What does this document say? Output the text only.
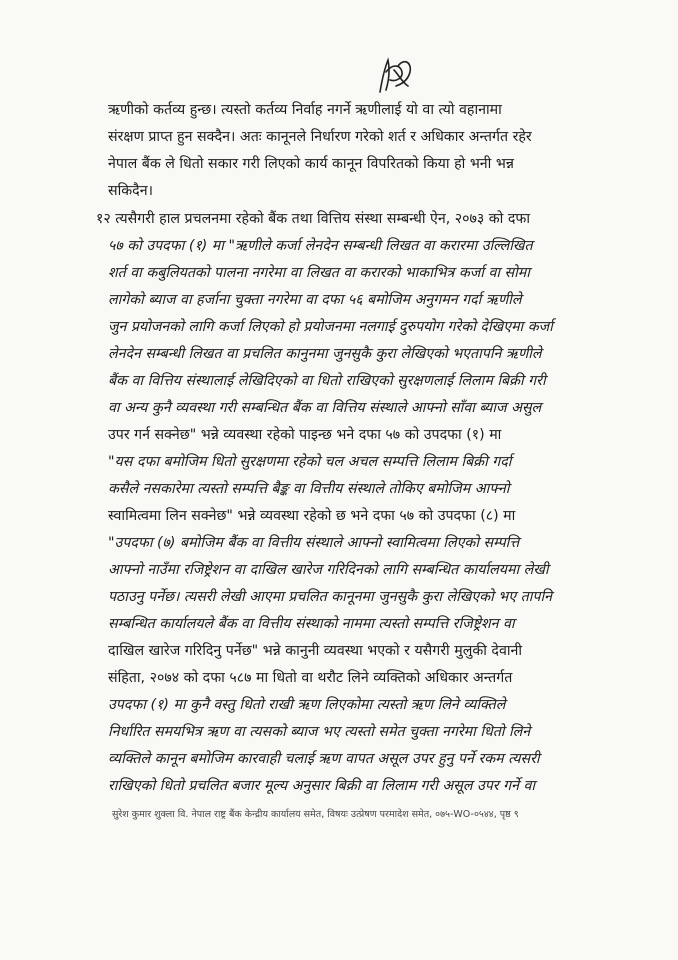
ऋणीको कर्तव्य हुन्छ। त्यस्तो कर्तव्य निर्वाह नगर्ने ऋणीलाई यो वा त्यो वहानामा
संरक्षण प्राप्त हुन सक्दैन। अतः कानूनले निर्धारण गरेको शर्त र अधिकार अन्तर्गत रहेर
नेपाल बैंक ले धितो सकार गरी लिएको कार्य कानून विपरितको किया हो भनी भन्न
सकिदैन।
१२ त्यसैगरी हाल प्रचलनमा रहेको बैंक तथा वित्तिय संस्था सम्बन्धी ऐन, २०७३ को दफा
५७ को उपदफा (१) मा "ऋणीले कर्जा लेनदेन सम्बन्धी लिखत वा करारमा उल्लिखित
शर्त वा कबुलियतको पालना नगरेमा वा लिखत वा करारको भाकाभित्र कर्जा वा सोमा
लागेको ब्याज वा हर्जाना चुक्ता नगरेमा वा दफा ५६ बमोजिम अनुगमन गर्दा ऋणीले
जुन प्रयोजनको लागि कर्जा लिएको हो प्रयोजनमा नलगाई दुरुपयोग गरेको देखिएमा कर्जा
लेनदेन सम्बन्धी लिखत वा प्रचलित कानुनमा जुनसुकै कुरा लेखिएको भएतापनि ऋणीले
बैंक वा वित्तिय संस्थालाई लेखिदिएको वा धितो राखिएको सुरक्षणलाई लिलाम बिक्री गरी
वा अन्य कुनै व्यवस्था गरी सम्बन्धित बैंक वा वित्तिय संस्थाले आफ्नो साँवा ब्याज असुल
उपर गर्न सक्नेछ" भन्ने व्यवस्था रहेको पाइन्छ भने दफा ५७ को उपदफा (१) मा
"यस दफा बमोजिम धितो सुरक्षणमा रहेको चल अचल सम्पत्ति लिलाम बिक्री गर्दा
कसैले नसकारेमा त्यस्तो सम्पत्ति बैङ्क वा वित्तीय संस्थाले तोकिए बमोजिम आफ्नो
स्वामित्वमा लिन सक्नेछ" भन्ने व्यवस्था रहेको छ भने दफा ५७ को उपदफा (८) मा
"उपदफा (७) बमोजिम बैंक वा वित्तीय संस्थाले आफ्नो स्वामित्वमा लिएको सम्पत्ति
आफ्नो नाउँमा रजिष्ट्रेशन वा दाखिल खारेज गरिदिनको लागि सम्बन्धित कार्यालयमा लेखी
पठाउनु पर्नेछ। त्यसरी लेखी आएमा प्रचलित कानूनमा जुनसुकै कुरा लेखिएको भए तापनि
सम्बन्धित कार्यालयले बैंक वा वित्तीय संस्थाको नाममा त्यस्तो सम्पत्ति रजिष्ट्रेशन वा
दाखिल खारेज गरिदिनु पर्नेछ" भन्ने कानुनी व्यवस्था भएको र यसैगरी मुलुकी देवानी
संहिता, २०७४ को दफा ५८७ मा धितो वा थरौट लिने व्यक्तिको अधिकार अन्तर्गत
उपदफा (१) मा कुनै वस्तु धितो राखी ऋण लिएकोमा त्यस्तो ऋण लिने व्यक्तिले
निर्धारित समयभित्र ऋण वा त्यसको ब्याज भए त्यस्तो समेत चुक्ता नगरेमा धितो लिने
व्यक्तिले कानून बमोजिम कारवाही चलाई ऋण वापत असूल उपर हुनु पर्ने रकम त्यसरी
राखिएको धितो प्रचलित बजार मूल्य अनुसार बिक्री वा लिलाम गरी असूल उपर गर्ने वा
सुरेश कुमार शुक्ला वि. नेपाल राष्ट्र बैंक केन्द्रीय कार्यालय समेत, विषयः उत्प्रेषण परमादेश समेत, ०७५-WO-०५४४, पृष्ठ ९
